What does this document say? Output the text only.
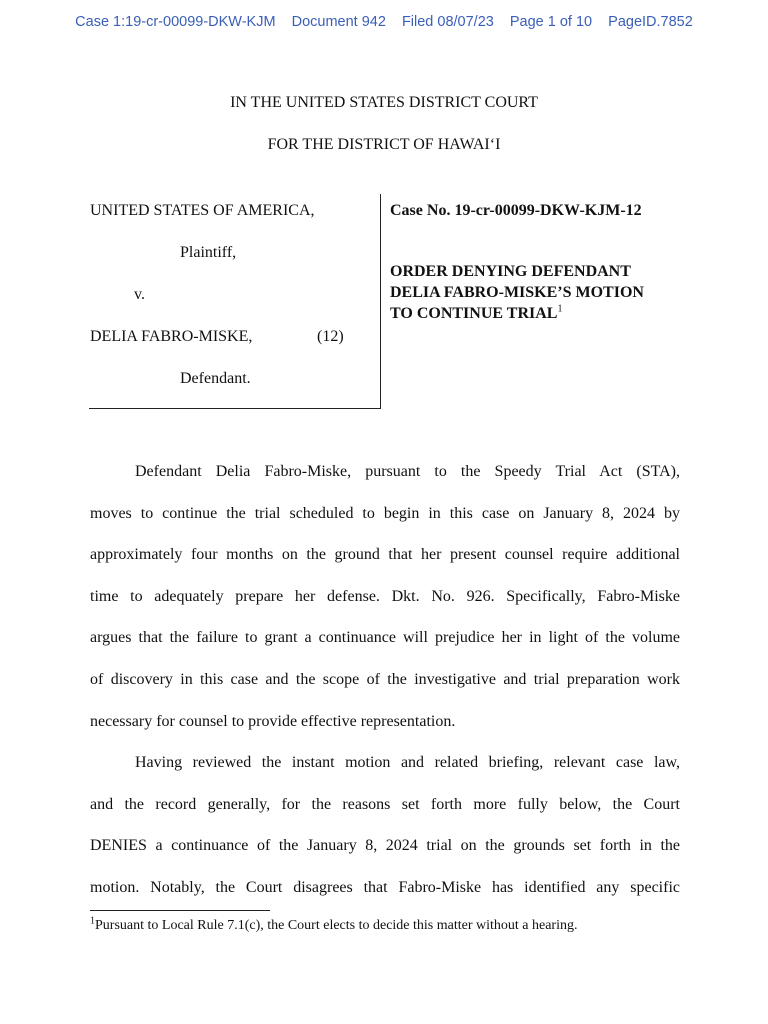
Case 1:19-cr-00099-DKW-KJM Document 942 Filed 08/07/23 Page 1 of 10 PageID.7852
IN THE UNITED STATES DISTRICT COURT
FOR THE DISTRICT OF HAWAI‘I
UNITED STATES OF AMERICA,
Plaintiff,
v.
DELIA FABRO-MISKE,	(12)
Defendant.
Case No. 19-cr-00099-DKW-KJM-12
ORDER DENYING DEFENDANT
DELIA FABRO-MISKE’S MOTION
TO CONTINUE TRIAL$^1$
Defendant Delia Fabro-Miske, pursuant to the Speedy Trial Act (STA),
moves to continue the trial scheduled to begin in this case on January 8, 2024 by
approximately four months on the ground that her present counsel require additional
time to adequately prepare her defense. Dkt. No. 926. Specifically, Fabro-Miske
argues that the failure to grant a continuance will prejudice her in light of the volume
of discovery in this case and the scope of the investigative and trial preparation work
necessary for counsel to provide effective representation.
Having reviewed the instant motion and related briefing, relevant case law,
and the record generally, for the reasons set forth more fully below, the Court
DENIES a continuance of the January 8, 2024 trial on the grounds set forth in the
motion. Notably, the Court disagrees that Fabro-Miske has identified any specific
$^1$Pursuant to Local Rule 7.1(c), the Court elects to decide this matter without a hearing.
